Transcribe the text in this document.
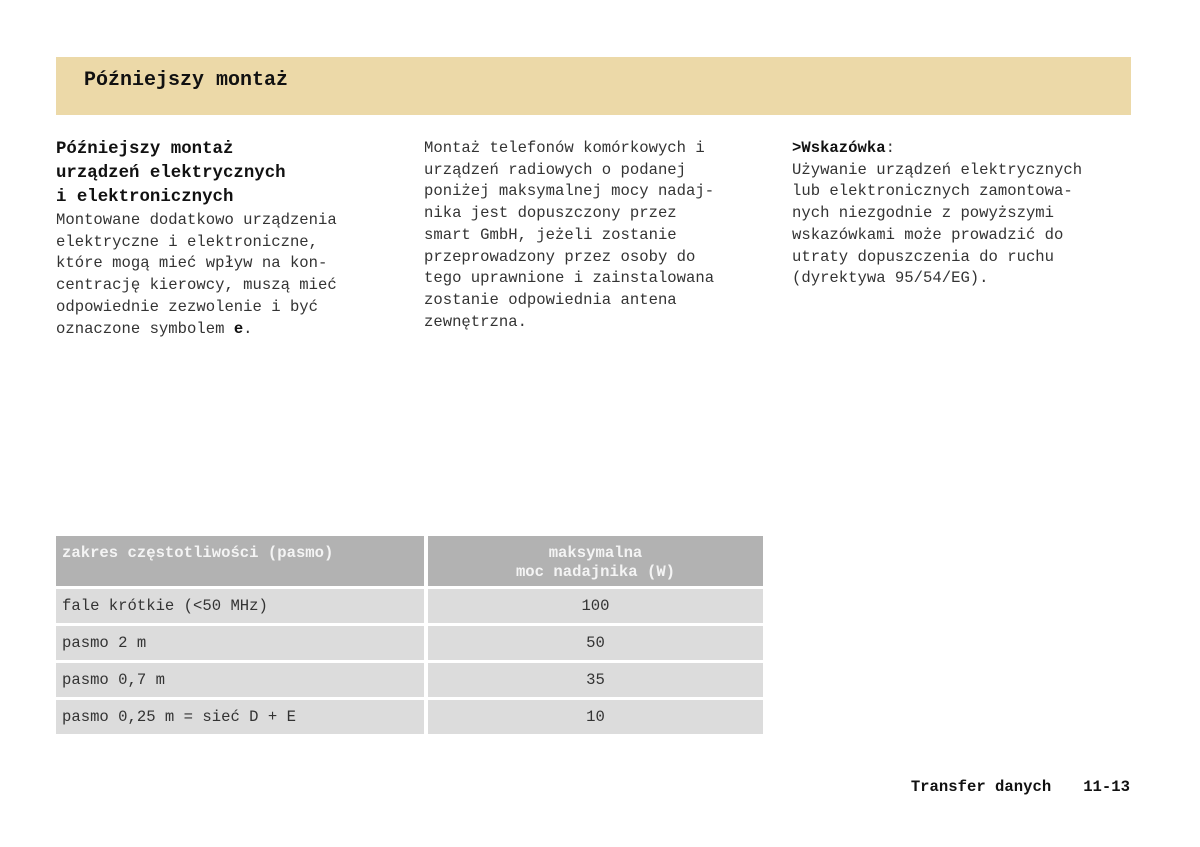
Późniejszy montaż
Późniejszy montaż
urządzeń elektrycznych
i elektronicznych
Montowane dodatkowo urządzenia
elektryczne i elektroniczne,
które mogą mieć wpływ na kon-
centrację kierowcy, muszą mieć
odpowiednie zezwolenie i być
oznaczone symbolem e.
Montaż telefonów komórkowych i
urządzeń radiowych o podanej
poniżej maksymalnej mocy nadaj-
nika jest dopuszczony przez
smart GmbH, jeżeli zostanie
przeprowadzony przez osoby do
tego uprawnione i zainstalowana
zostanie odpowiednia antena
zewnętrzna.
>Wskazówka:
Używanie urządzeń elektrycznych
lub elektronicznych zamontowa-
nych niezgodnie z powyższymi
wskazówkami może prowadzić do
utraty dopuszczenia do ruchu
(dyrektywa 95/54/EG).
zakres częstotliwości (pasmo)	maksymalna
moc nadajnika (W)
fale krótkie (<50 MHz)	100
pasmo 2 m	50
pasmo 0,7 m	35
pasmo 0,25 m = sieć D + E	10
Transfer danych 11-13
